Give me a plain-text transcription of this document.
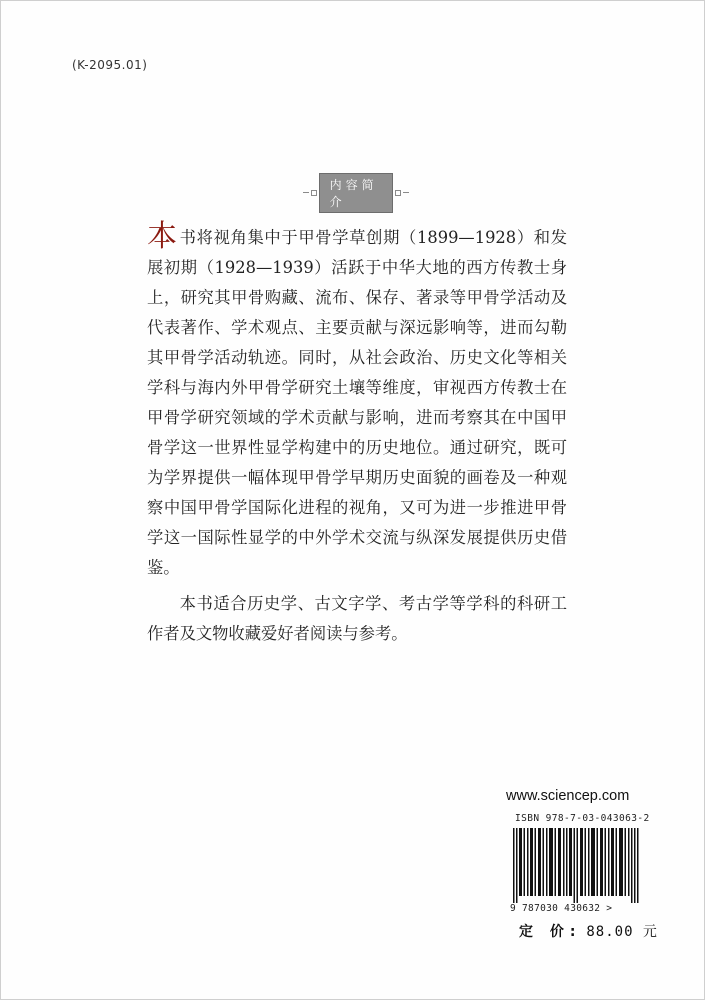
(K-2095.01)
内容简介

本书将视角集中于甲骨学草创期（1899—1928）和发展初期（1928—1939）活跃于中华大地的西方传教士身上，研究其甲骨购藏、流布、保存、著录等甲骨学活动及代表著作、学术观点、主要贡献与深远影响等，进而勾勒其甲骨学活动轨迹。同时，从社会政治、历史文化等相关学科与海内外甲骨学研究土壤等维度，审视西方传教士在甲骨学研究领域的学术贡献与影响，进而考察其在中国甲骨学这一世界性显学构建中的历史地位。通过研究，既可为学界提供一幅体现甲骨学早期历史面貌的画卷及一种观察中国甲骨学国际化进程的视角，又可为进一步推进甲骨学这一国际性显学的中外学术交流与纵深发展提供历史借鉴。

本书适合历史学、古文字学、考古学等学科的科研工作者及文物收藏爱好者阅读与参考。

www.sciencep.com
ISBN 978-7-03-043063-2
9 787030 430632 >
定 价: 88.00 元
